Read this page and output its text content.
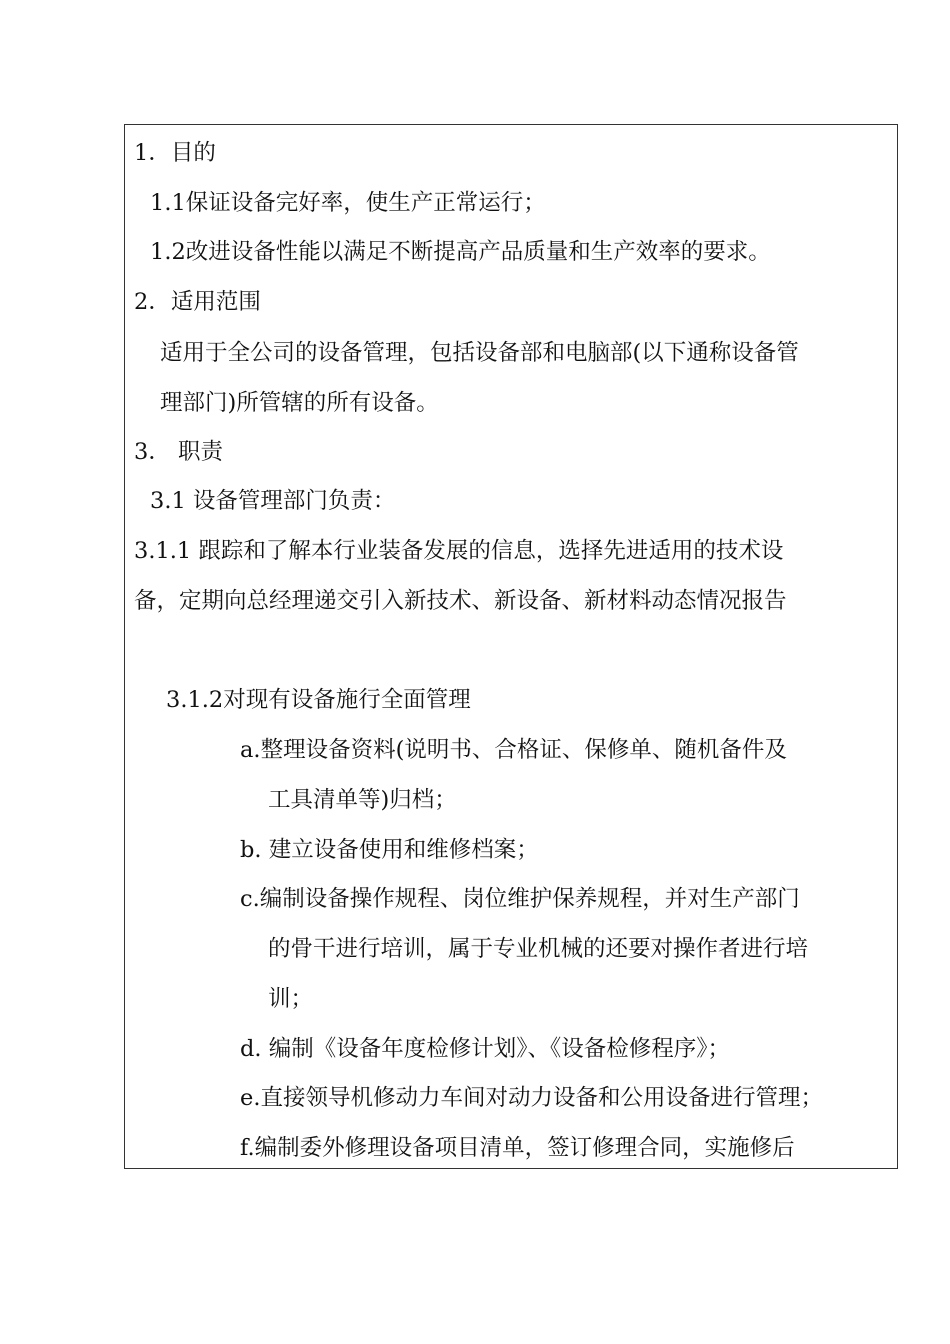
1．目的
1.1保证设备完好率，使生产正常运行；
1.2改进设备性能以满足不断提高产品质量和生产效率的要求。
2．适用范围
适用于全公司的设备管理，包括设备部和电脑部(以下通称设备管
理部门)所管辖的所有设备。
3． 职责
3.1 设备管理部门负责：
3.1.1 跟踪和了解本行业装备发展的信息，选择先进适用的技术设
备，定期向总经理递交引入新技术、新设备、新材料动态情况报告
3.1.2对现有设备施行全面管理
a.整理设备资料(说明书、合格证、保修单、随机备件及
工具清单等)归档；
b. 建立设备使用和维修档案；
c.编制设备操作规程、岗位维护保养规程，并对生产部门
的骨干进行培训，属于专业机械的还要对操作者进行培
训；
d. 编制《设备年度检修计划》、《设备检修程序》；
e.直接领导机修动力车间对动力设备和公用设备进行管理；
f.编制委外修理设备项目清单，签订修理合同，实施修后
